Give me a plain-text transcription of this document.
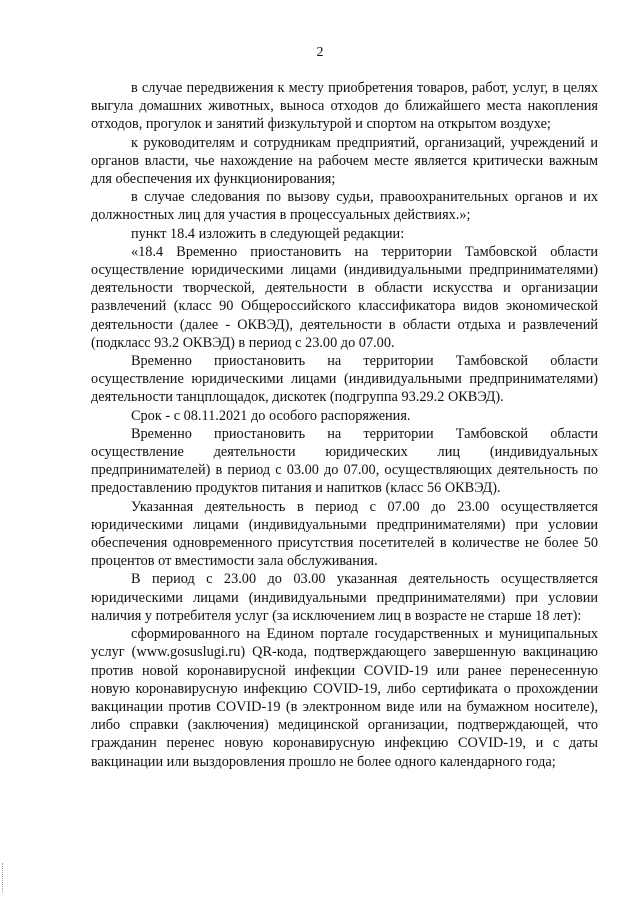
2

в случае передвижения к месту приобретения товаров, работ, услуг, в целях выгула домашних животных, выноса отходов до ближайшего места накопления отходов, прогулок и занятий физкультурой и спортом на открытом воздухе;

к руководителям и сотрудникам предприятий, организаций, учреждений и органов власти, чье нахождение на рабочем месте является критически важным для обеспечения их функционирования;

в случае следования по вызову судьи, правоохранительных органов и их должностных лиц для участия в процессуальных действиях.»;

пункт 18.4 изложить в следующей редакции:

«18.4 Временно приостановить на территории Тамбовской области осуществление юридическими лицами (индивидуальными предпринимателями) деятельности творческой, деятельности в области искусства и организации развлечений (класс 90 Общероссийского классификатора видов экономической деятельности (далее - ОКВЭД), деятельности в области отдыха и развлечений (подкласс 93.2 ОКВЭД) в период с 23.00 до 07.00.

Временно приостановить на территории Тамбовской области осуществление юридическими лицами (индивидуальными предпринимателями) деятельности танцплощадок, дискотек (подгруппа 93.29.2 ОКВЭД).

Срок - с 08.11.2021 до особого распоряжения.

Временно приостановить на территории Тамбовской области осуществление деятельности юридических лиц (индивидуальных предпринимателей) в период с 03.00 до 07.00, осуществляющих деятельность по предоставлению продуктов питания и напитков (класс 56 ОКВЭД).

Указанная деятельность в период с 07.00 до 23.00 осуществляется юридическими лицами (индивидуальными предпринимателями) при условии обеспечения одновременного присутствия посетителей в количестве не более 50 процентов от вместимости зала обслуживания.

В период с 23.00 до 03.00 указанная деятельность осуществляется юридическими лицами (индивидуальными предпринимателями) при условии наличия у потребителя услуг (за исключением лиц в возрасте не старше 18 лет):

сформированного на Едином портале государственных и муниципальных услуг (www.gosuslugi.ru) QR-кода, подтверждающего завершенную вакцинацию против новой коронавирусной инфекции COVID-19 или ранее перенесенную новую коронавирусную инфекцию COVID-19, либо сертификата о прохождении вакцинации против COVID-19 (в электронном виде или на бумажном носителе), либо справки (заключения) медицинской организации, подтверждающей, что гражданин перенес новую коронавирусную инфекцию COVID-19, и с даты вакцинации или выздоровления прошло не более одного календарного года;
